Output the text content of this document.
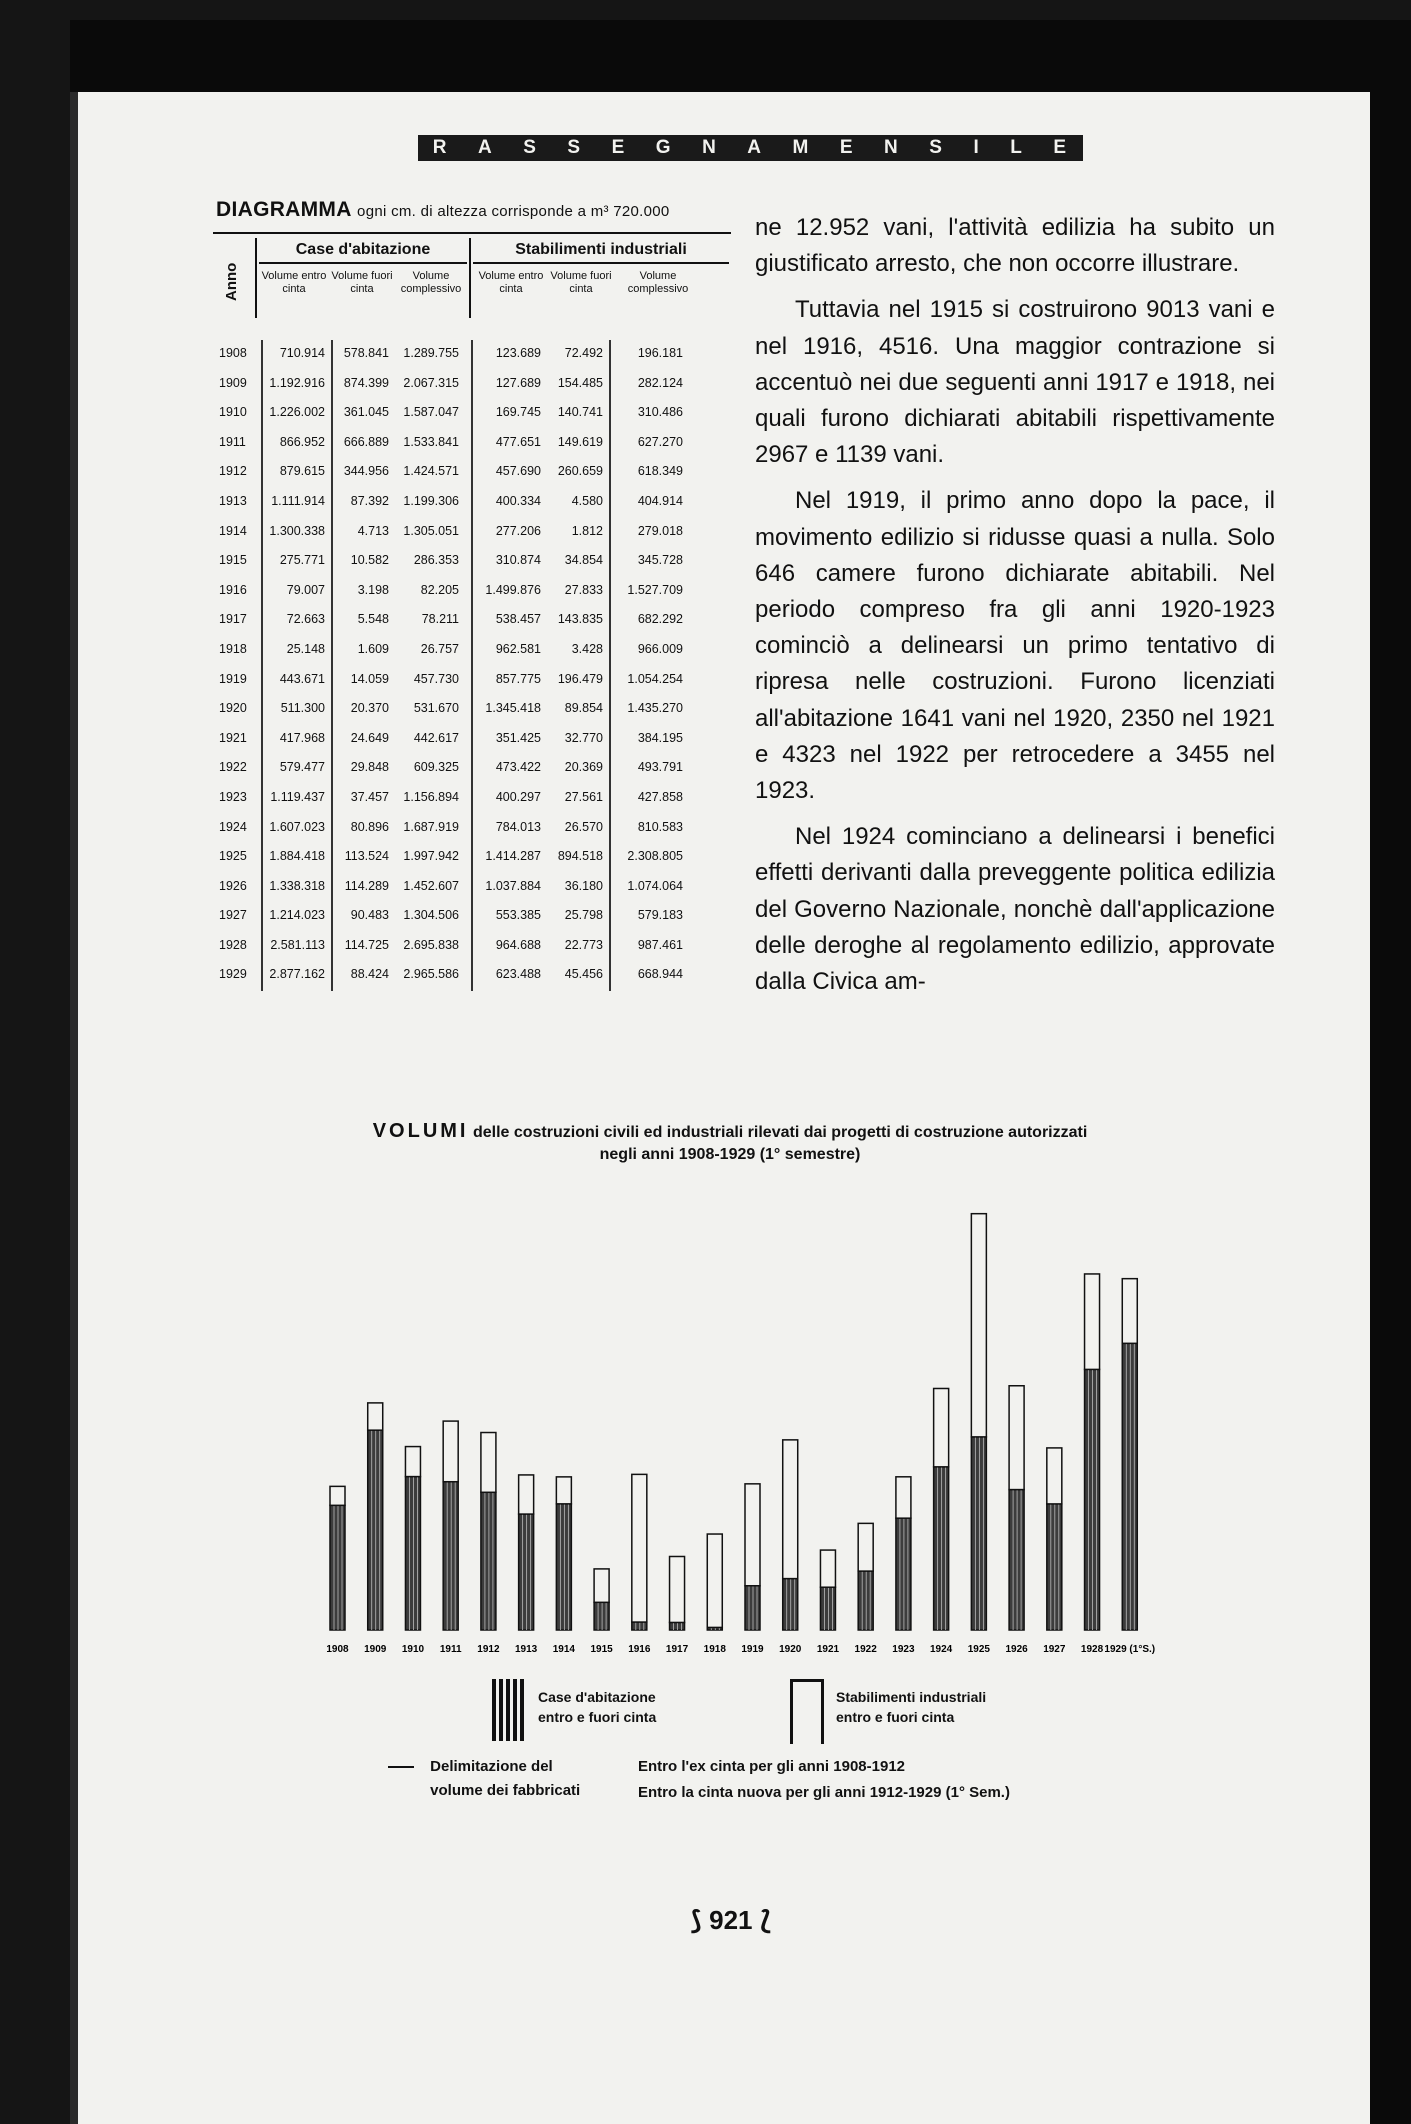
R A S S E G N A M E N S I L E
DIAGRAMMA ogni cm. di altezza corrisponde a m³ 720.000
Anno
Case d'abitazione	Stabilimenti industriali
Volume entro cinta
Volume fuori cinta
Volume complessivo
Volume entro cinta
Volume fuori cinta
Volume complessivo
1908	710.914	578.841	1.289.755	123.689	72.492	196.181
1909	1.192.916	874.399	2.067.315	127.689	154.485	282.124
1910	1.226.002	361.045	1.587.047	169.745	140.741	310.486
1911	866.952	666.889	1.533.841	477.651	149.619	627.270
1912	879.615	344.956	1.424.571	457.690	260.659	618.349
1913	1.111.914	87.392	1.199.306	400.334	4.580	404.914
1914	1.300.338	4.713	1.305.051	277.206	1.812	279.018
1915	275.771	10.582	286.353	310.874	34.854	345.728
1916	79.007	3.198	82.205	1.499.876	27.833	1.527.709
1917	72.663	5.548	78.211	538.457	143.835	682.292
1918	25.148	1.609	26.757	962.581	3.428	966.009
1919	443.671	14.059	457.730	857.775	196.479	1.054.254
1920	511.300	20.370	531.670	1.345.418	89.854	1.435.270
1921	417.968	24.649	442.617	351.425	32.770	384.195
1922	579.477	29.848	609.325	473.422	20.369	493.791
1923	1.119.437	37.457	1.156.894	400.297	27.561	427.858
1924	1.607.023	80.896	1.687.919	784.013	26.570	810.583
1925	1.884.418	113.524	1.997.942	1.414.287	894.518	2.308.805
1926	1.338.318	114.289	1.452.607	1.037.884	36.180	1.074.064
1927	1.214.023	90.483	1.304.506	553.385	25.798	579.183
1928	2.581.113	114.725	2.695.838	964.688	22.773	987.461
1929	2.877.162	88.424	2.965.586	623.488	45.456	668.944

ne 12.952 vani, l'attività edilizia ha subito un giustificato arresto, che non occorre illustrare.

Tuttavia nel 1915 si costruirono 9013 vani e nel 1916, 4516. Una maggior contrazione si accentuò nei due seguenti anni 1917 e 1918, nei quali furono dichiarati abitabili rispettivamente 2967 e 1139 vani.

Nel 1919, il primo anno dopo la pace, il movimento edilizio si ridusse quasi a nulla. Solo 646 camere furono dichiarate abitabili. Nel periodo compreso fra gli anni 1920-1923 cominciò a delinearsi un primo tentativo di ripresa nelle costruzioni. Furono licenziati all'abitazione 1641 vani nel 1920, 2350 nel 1921 e 4323 nel 1922 per retrocedere a 3455 nel 1923.

Nel 1924 cominciano a delinearsi i benefici effetti derivanti dalla preveggente politica edilizia del Governo Nazionale, nonchè dall'applicazione delle deroghe al regolamento edilizio, approvate dalla Civica am-

VOLUMI delle costruzioni civili ed industriali rilevati dai progetti di costruzione autorizzati
negli anni 1908-1929 (1° semestre)
1908 1909 1910 1911 1912 1913 1914 1915 1916 1917 1918 1919 1920 1921 1922 1923 1924 1925 1926 1927 1928 1929 (1°S.)
Case d'abitazione entro e fuori cinta
Stabilimenti industriali entro e fuori cinta
Delimitazione del volume dei fabbricati
Entro l'ex cinta per gli anni 1908-1912
Entro la cinta nuova per gli anni 1912-1929 (1° Sem.)
⟆ 921 ⟅
